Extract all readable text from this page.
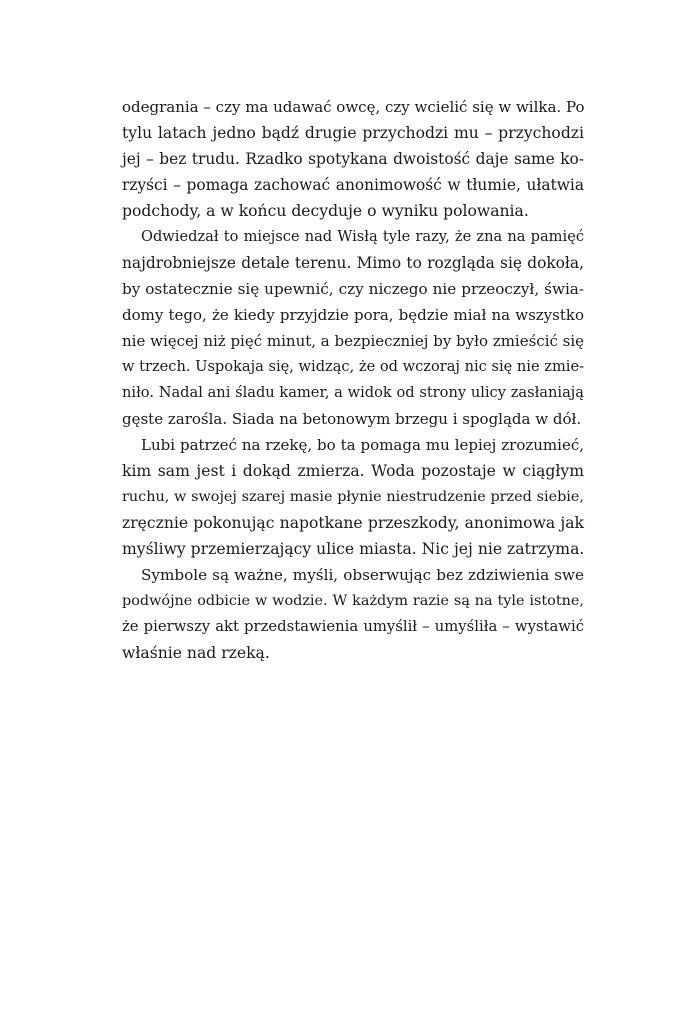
odegrania – czy ma udawać owcę, czy wcielić się w wilka. Po
tylu latach jedno bądź drugie przychodzi mu – przychodzi
jej – bez trudu. Rzadko spotykana dwoistość daje same ko-
rzyści – pomaga zachować anonimowość w tłumie, ułatwia
podchody, a w końcu decyduje o wyniku polowania.
Odwiedzał to miejsce nad Wisłą tyle razy, że zna na pamięć
najdrobniejsze detale terenu. Mimo to rozgląda się dokoła,
by ostatecznie się upewnić, czy niczego nie przeoczył, świa-
domy tego, że kiedy przyjdzie pora, będzie miał na wszystko
nie więcej niż pięć minut, a bezpieczniej by było zmieścić się
w trzech. Uspokaja się, widząc, że od wczoraj nic się nie zmie-
niło. Nadal ani śladu kamer, a widok od strony ulicy zasłaniają
gęste zarośla. Siada na betonowym brzegu i spogląda w dół.
Lubi patrzeć na rzekę, bo ta pomaga mu lepiej zrozumieć,
kim sam jest i dokąd zmierza. Woda pozostaje w ciągłym
ruchu, w swojej szarej masie płynie niestrudzenie przed siebie,
zręcznie pokonując napotkane przeszkody, anonimowa jak
myśliwy przemierzający ulice miasta. Nic jej nie zatrzyma.
Symbole są ważne, myśli, obserwując bez zdziwienia swe
podwójne odbicie w wodzie. W każdym razie są na tyle istotne,
że pierwszy akt przedstawienia umyślił – umyśliła – wystawić
właśnie nad rzeką.
